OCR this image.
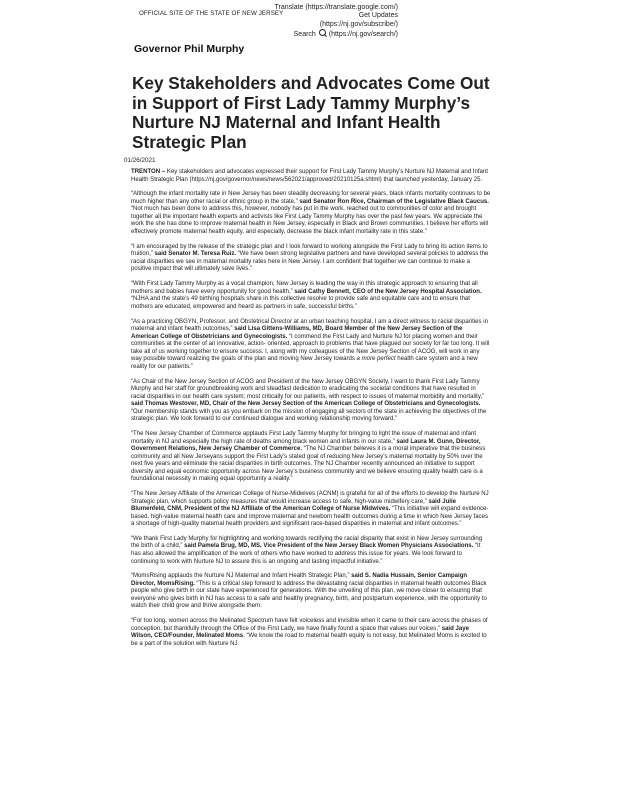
OFFICIAL SITE OF THE STATE OF NEW JERSEY
Translate (https://translate.google.com/)
Get Updates
(https://nj.gov/subscribe/)
Search (https://nj.gov/search/)
Governor Phil Murphy
Key Stakeholders and Advocates Come Out in Support of First Lady Tammy Murphy’s Nurture NJ Maternal and Infant Health Strategic Plan
01/26/2021

TRENTON – Key stakeholders and advocates expressed their support for First Lady Tammy Murphy’s Nurture NJ Maternal and Infant Health Strategic Plan (https://nj.gov/governor/news/news/562021/approved/20210125a.shtml) that launched yesterday, January 25.

“Although the infant mortality rate in New Jersey has been steadily decreasing for several years, black infants mortality continues to be much higher than any other racial or ethnic group in the state,” said Senator Ron Rice, Chairman of the Legislative Black Caucus. “Not much has been done to address this, however, nobody has put in the work, reached out to communities of color and brought together all the important health experts and activists like First Lady Tammy Murphy has over the past few years. We appreciate the work the she has done to improve maternal health in New Jersey, especially in Black and Brown communities. I believe her efforts will effectively promote maternal health equity, and especially, decrease the black infant mortality rate in this state.”

“I am encouraged by the release of the strategic plan and I look forward to working alongside the First Lady to bring its action items to fruition,” said Senator M. Teresa Ruiz. “We have been strong legislative partners and have developed several policies to address the racial disparities we see in maternal mortality rates here in New Jersey. I am confident that together we can continue to make a positive impact that will ultimately save lives.”

“With First Lady Tammy Murphy as a vocal champion, New Jersey is leading the way in this strategic approach to ensuring that all mothers and babies have every opportunity for good health,” said Cathy Bennett, CEO of the New Jersey Hospital Association. “NJHA and the state's 49 birthing hospitals share in this collective resolve to provide safe and equitable care and to ensure that mothers are educated, empowered and heard as partners in safe, successful births.”

“As a practicing OBGYN, Professor, and Obstetrical Director at an urban teaching hospital, I am a direct witness to racial disparities in maternal and infant health outcomes,” said Lisa Gittens-Williams, MD, Board Member of the New Jersey Section of the American College of Obstetricians and Gynecologists. “I commend the First Lady and Nurture NJ for placing women and their communities at the center of an innovative, action- oriented, approach to problems that have plagued our society for far too long. It will take all of us working together to ensure success. I, along with my colleagues of the New Jersey Section of ACOG, will work in any way possible toward realizing the goals of the plan and moving New Jersey towards a more perfect health care system and a new reality for our patients.”

“As Chair of the New Jersey Section of ACOG and President of the New Jersey OBGYN Society, I want to thank First Lady Tammy Murphy and her staff for groundbreaking work and steadfast dedication to eradicating the societal conditions that have resulted in racial disparities in our health care system; most critically for our patients, with respect to issues of maternal morbidity and mortality,” said Thomas Westover, MD, Chair of the New Jersey Section of the American College of Obstetricians and Gynecologists. “Our membership stands with you as you embark on the mission of engaging all sectors of the state in achieving the objectives of the strategic plan. We look forward to our continued dialogue and working relationship moving forward.”

“The New Jersey Chamber of Commerce applauds First Lady Tammy Murphy for bringing to light the issue of maternal and infant mortality in NJ and especially the high rate of deaths among black women and infants in our state,” said Laura M. Gunn, Director, Government Relations, New Jersey Chamber of Commerce. “The NJ Chamber believes it is a moral imperative that the business community and all New Jerseyans support the First Lady’s stated goal of reducing New Jersey’s maternal mortality by 50% over the next five years and eliminate the racial disparities in birth outcomes. The NJ Chamber recently announced an initiative to support diversity and equal economic opportunity across New Jersey’s business community and we believe ensuring quality health care is a foundational necessity in making equal opportunity a reality.”

“The New Jersey Affiliate of the American College of Nurse-Midwives (ACNM) is grateful for all of the efforts to develop the Nurture NJ Strategic plan, which supports policy measures that would increase access to safe, high-value midwifery care,” said Julie Blumenfeld, CNM, President of the NJ Affiliate of the American College of Nurse Midwives. “This initiative will expand evidence-based, high-value maternal health care and improve maternal and newborn health outcomes during a time in which New Jersey faces a shortage of high-quality maternal health providers and significant race-based disparities in maternal and infant outcomes.”

“We thank First Lady Murphy for highlighting and working towards rectifying the racial disparity that exist in New Jersey surrounding the birth of a child,” said Pamela Brug, MD, MS, Vice President of the New Jersey Black Women Physicians Associations. “It has also allowed the amplification of the work of others who have worked to address this issue for years. We look forward to continuing to work with Nurture NJ to assure this is an ongoing and lasting impactful initiative.”

“MomsRising applauds the Nurture NJ Maternal and Infant Health Strategic Plan,” said S. Nadia Hussain, Senior Campaign Director, MomsRising. “This is a critical step forward to address the devastating racial disparities in maternal health outcomes Black people who give birth in our state have experienced for generations. With the unveiling of this plan, we move closer to ensuring that everyone who gives birth in NJ has access to a safe and healthy pregnancy, birth, and postpartum experience, with the opportunity to watch their child grow and thrive alongside them.

“For too long, women across the Melinated Spectrum have felt voiceless and invisible when it came to their care across the phases of conception, but thankfully through the Office of the First Lady, we have finally found a space that values our voices,” said Jaye Wilson, CEO/Founder, Melinated Moms. “We know the road to maternal health equity is not easy, but Melinated Moms is excited to be a part of the solution with Nurture NJ
